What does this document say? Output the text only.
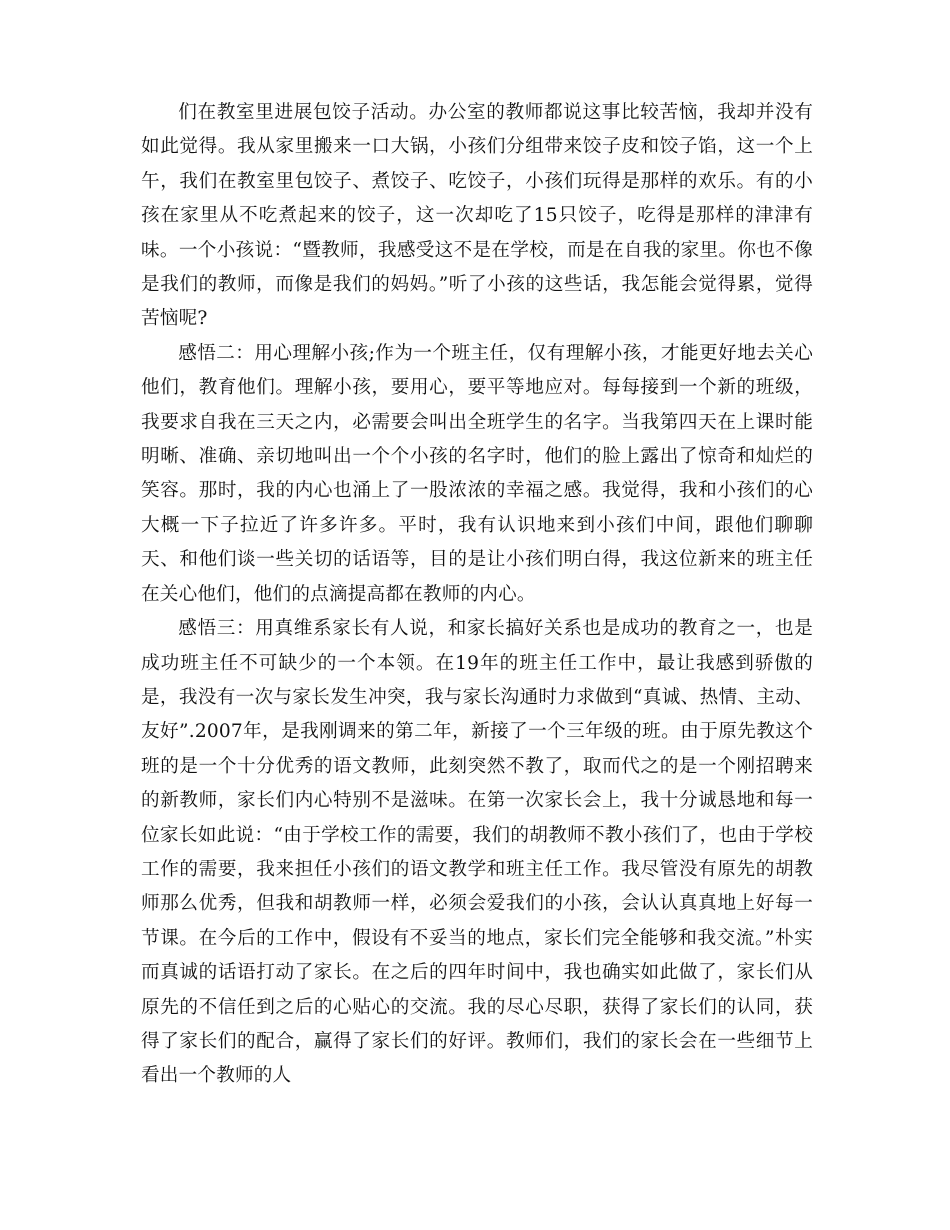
们在教室里进展包饺子活动。办公室的教师都说这事比较苦恼，我却并没有如此觉得。我从家里搬来一口大锅，小孩们分组带来饺子皮和饺子馅，这一个上午，我们在教室里包饺子、煮饺子、吃饺子，小孩们玩得是那样的欢乐。有的小孩在家里从不吃煮起来的饺子，这一次却吃了15只饺子，吃得是那样的津津有味。一个小孩说：“暨教师，我感受这不是在学校，而是在自我的家里。你也不像是我们的教师，而像是我们的妈妈。”听了小孩的这些话，我怎能会觉得累，觉得苦恼呢?

感悟二：用心理解小孩;作为一个班主任，仅有理解小孩，才能更好地去关心他们，教育他们。理解小孩，要用心，要平等地应对。每每接到一个新的班级，我要求自我在三天之内，必需要会叫出全班学生的名字。当我第四天在上课时能明晰、准确、亲切地叫出一个个小孩的名字时，他们的脸上露出了惊奇和灿烂的笑容。那时，我的内心也涌上了一股浓浓的幸福之感。我觉得，我和小孩们的心大概一下子拉近了许多许多。平时，我有认识地来到小孩们中间，跟他们聊聊天、和他们谈一些关切的话语等，目的是让小孩们明白得，我这位新来的班主任在关心他们，他们的点滴提高都在教师的内心。

感悟三：用真维系家长有人说，和家长搞好关系也是成功的教育之一，也是成功班主任不可缺少的一个本领。在19年的班主任工作中，最让我感到骄傲的是，我没有一次与家长发生冲突，我与家长沟通时力求做到“真诚、热情、主动、友好”.2007年，是我刚调来的第二年，新接了一个三年级的班。由于原先教这个班的是一个十分优秀的语文教师，此刻突然不教了，取而代之的是一个刚招聘来的新教师，家长们内心特别不是滋味。在第一次家长会上，我十分诚恳地和每一位家长如此说：“由于学校工作的需要，我们的胡教师不教小孩们了，也由于学校工作的需要，我来担任小孩们的语文教学和班主任工作。我尽管没有原先的胡教师那么优秀，但我和胡教师一样，必须会爱我们的小孩，会认认真真地上好每一节课。在今后的工作中，假设有不妥当的地点，家长们完全能够和我交流。”朴实而真诚的话语打动了家长。在之后的四年时间中，我也确实如此做了，家长们从原先的不信任到之后的心贴心的交流。我的尽心尽职，获得了家长们的认同，获得了家长们的配合，赢得了家长们的好评。教师们，我们的家长会在一些细节上看出一个教师的人
